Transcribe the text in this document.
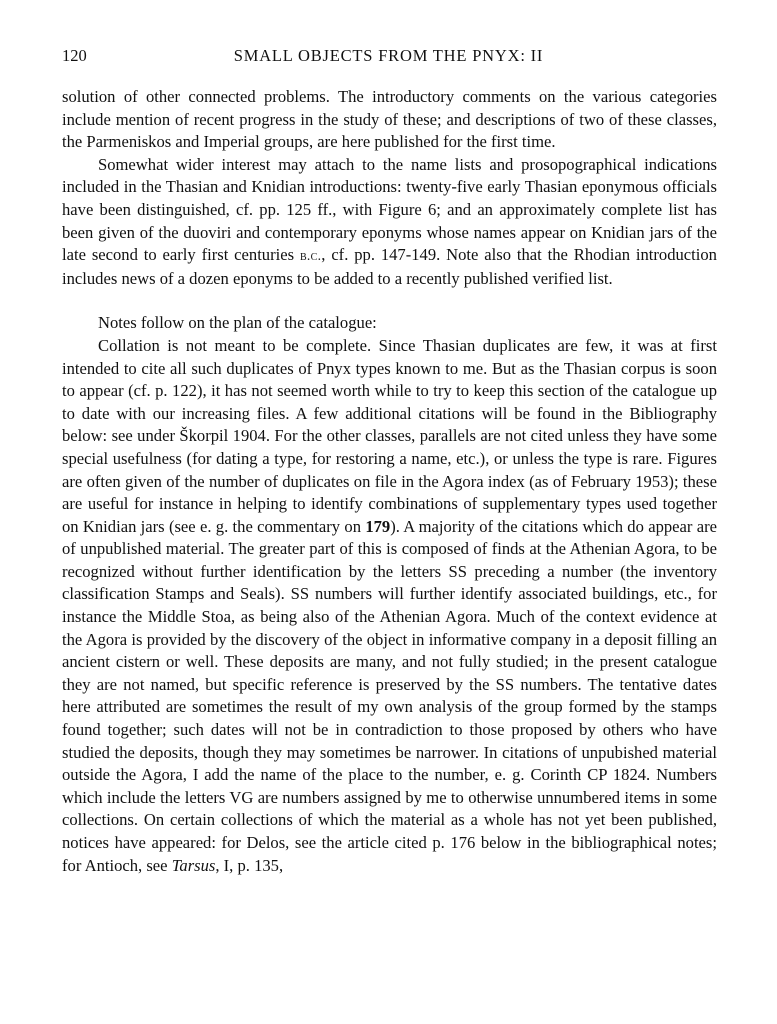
120	SMALL OBJECTS FROM THE PNYX: II

solution of other connected problems. The introductory comments on the various categories include mention of recent progress in the study of these; and descriptions of two of these classes, the Parmeniskos and Imperial groups, are here published for the first time.

Somewhat wider interest may attach to the name lists and prosopographical indications included in the Thasian and Knidian introductions: twenty-five early Thasian eponymous officials have been distinguished, cf. pp. 125 ff., with Figure 6; and an approximately complete list has been given of the duoviri and contemporary eponyms whose names appear on Knidian jars of the late second to early first centuries b.c., cf. pp. 147-149. Note also that the Rhodian introduction includes news of a dozen eponyms to be added to a recently published verified list.

Notes follow on the plan of the catalogue:

Collation is not meant to be complete. Since Thasian duplicates are few, it was at first intended to cite all such duplicates of Pnyx types known to me. But as the Thasian corpus is soon to appear (cf. p. 122), it has not seemed worth while to try to keep this section of the catalogue up to date with our increasing files. A few additional citations will be found in the Bibliography below: see under Škorpil 1904. For the other classes, parallels are not cited unless they have some special usefulness (for dating a type, for restoring a name, etc.), or unless the type is rare. Figures are often given of the number of duplicates on file in the Agora index (as of February 1953); these are useful for instance in helping to identify combinations of supplementary types used together on Knidian jars (see e. g. the commentary on 179). A majority of the citations which do appear are of unpublished material. The greater part of this is composed of finds at the Athenian Agora, to be recognized without further identification by the letters SS preceding a number (the inventory classification Stamps and Seals). SS numbers will further identify associated buildings, etc., for instance the Middle Stoa, as being also of the Athenian Agora. Much of the context evidence at the Agora is provided by the discovery of the object in informative company in a deposit filling an ancient cistern or well. These deposits are many, and not fully studied; in the present catalogue they are not named, but specific reference is preserved by the SS numbers. The tentative dates here attributed are sometimes the result of my own analysis of the group formed by the stamps found together; such dates will not be in contradiction to those proposed by others who have studied the deposits, though they may sometimes be narrower. In citations of unpubished material outside the Agora, I add the name of the place to the number, e. g. Corinth CP 1824. Numbers which include the letters VG are numbers assigned by me to otherwise unnumbered items in some collections. On certain collections of which the material as a whole has not yet been published, notices have appeared: for Delos, see the article cited p. 176 below in the bibliographical notes; for Antioch, see Tarsus, I, p. 135,
